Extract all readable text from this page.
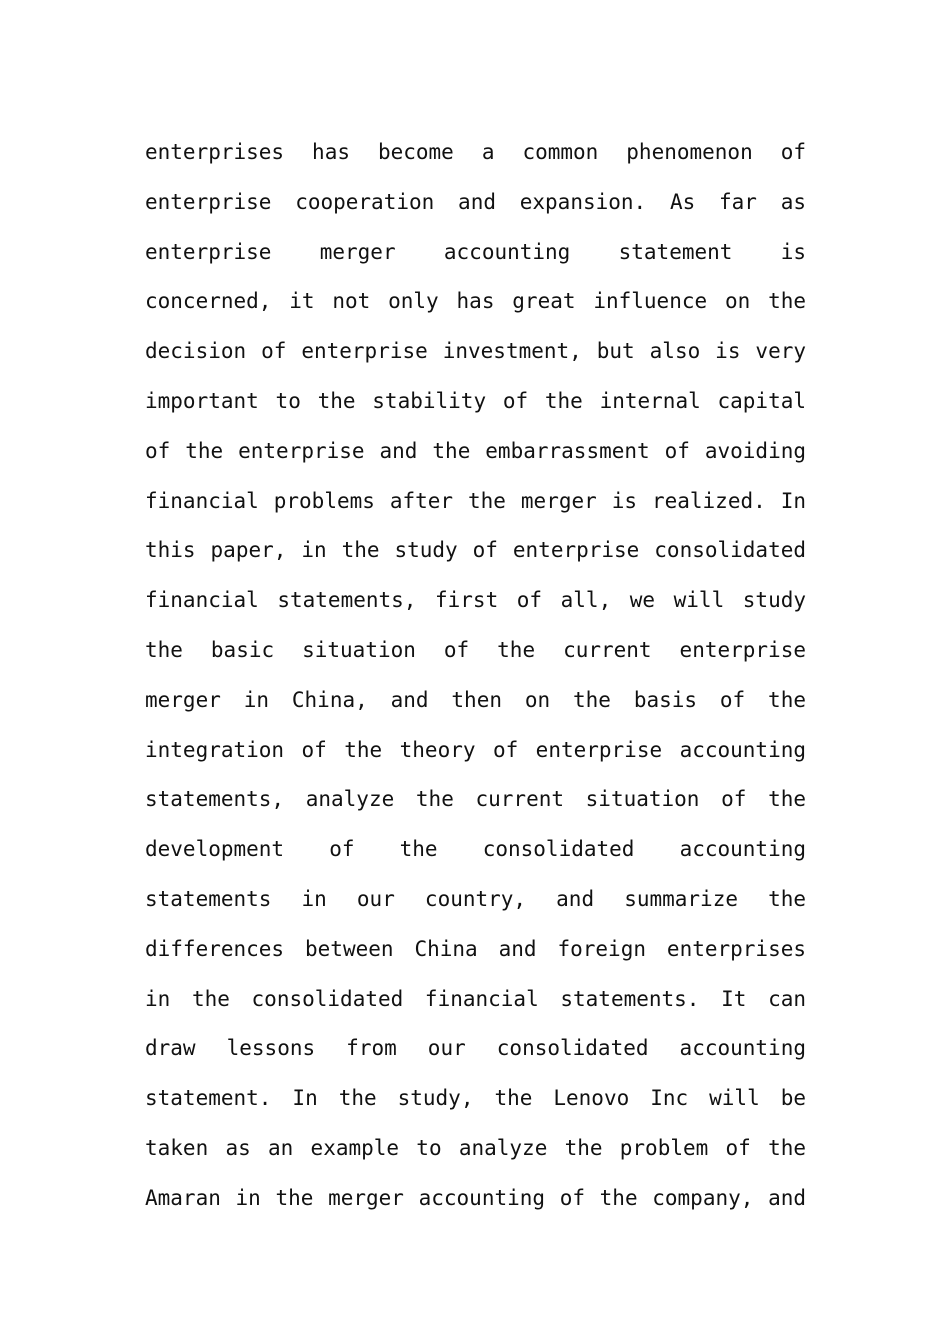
enterprises has become a common phenomenon of
enterprise cooperation and expansion. As far as
enterprise merger accounting statement is
concerned, it not only has great influence on the
decision of enterprise investment, but also is very
important to the stability of the internal capital
of the enterprise and the embarrassment of avoiding
financial problems after the merger is realized. In
this paper, in the study of enterprise consolidated
financial statements, first of all, we will study
the basic situation of the current enterprise
merger in China, and then on the basis of the
integration of the theory of enterprise accounting
statements, analyze the current situation of the
development of the consolidated accounting
statements in our country, and summarize the
differences between China and foreign enterprises
in the consolidated financial statements. It can
draw lessons from our consolidated accounting
statement. In the study, the Lenovo Inc will be
taken as an example to analyze the problem of the
Amaran in the merger accounting of the company, and
